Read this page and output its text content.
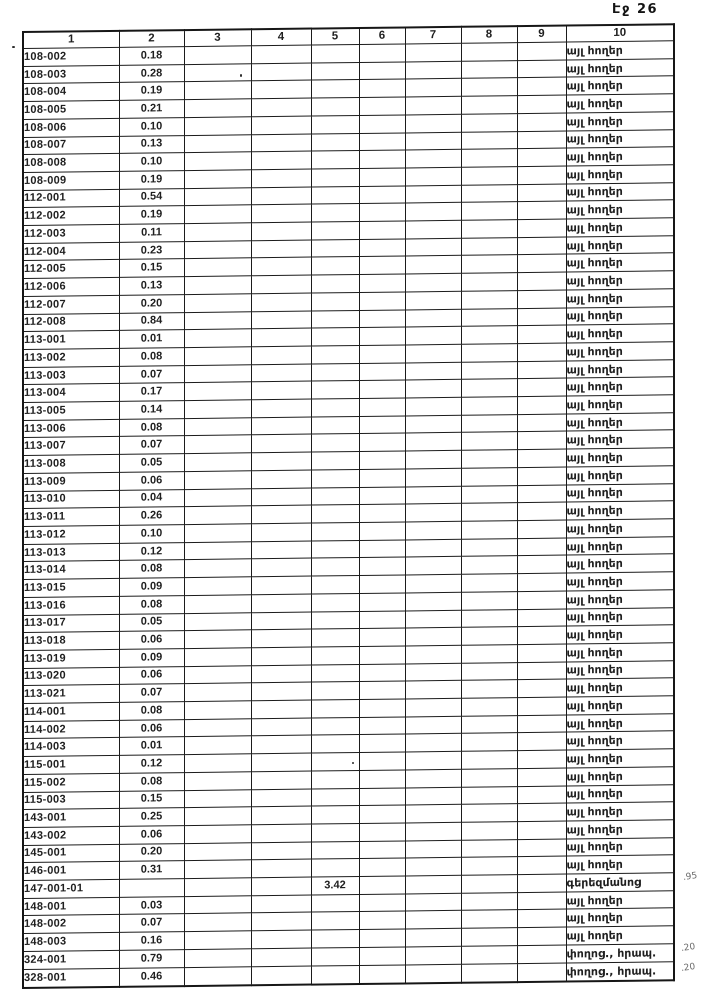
Էջ 26
1	2	3	4	5	6	7	8	9	10
108-002	0.18								այլ հողեր
108-003	0.28								այլ հողեր
108-004	0.19								այլ հողեր
108-005	0.21								այլ հողեր
108-006	0.10								այլ հողեր
108-007	0.13								այլ հողեր
108-008	0.10								այլ հողեր
108-009	0.19								այլ հողեր
112-001	0.54								այլ հողեր
112-002	0.19								այլ հողեր
112-003	0.11								այլ հողեր
112-004	0.23								այլ հողեր
112-005	0.15								այլ հողեր
112-006	0.13								այլ հողեր
112-007	0.20								այլ հողեր
112-008	0.84								այլ հողեր
113-001	0.01								այլ հողեր
113-002	0.08								այլ հողեր
113-003	0.07								այլ հողեր
113-004	0.17								այլ հողեր
113-005	0.14								այլ հողեր
113-006	0.08								այլ հողեր
113-007	0.07								այլ հողեր
113-008	0.05								այլ հողեր
113-009	0.06								այլ հողեր
113-010	0.04								այլ հողեր
113-011	0.26								այլ հողեր
113-012	0.10								այլ հողեր
113-013	0.12								այլ հողեր
113-014	0.08								այլ հողեր
113-015	0.09								այլ հողեր
113-016	0.08								այլ հողեր
113-017	0.05								այլ հողեր
113-018	0.06								այլ հողեր
113-019	0.09								այլ հողեր
113-020	0.06								այլ հողեր
113-021	0.07								այլ հողեր
114-001	0.08								այլ հողեր
114-002	0.06								այլ հողեր
114-003	0.01								այլ հողեր
115-001	0.12								այլ հողեր
115-002	0.08								այլ հողեր
115-003	0.15								այլ հողեր
143-001	0.25								այլ հողեր
143-002	0.06								այլ հողեր
145-001	0.20								այլ հողեր
146-001	0.31								այլ հողեր
147-001-01				3.42					գերեզմանոց
148-001	0.03								այլ հողեր
148-002	0.07								այլ հողեր
148-003	0.16								այլ հողեր
324-001	0.79								փողոց., հրապ.
328-001	0.46								փողոց., հրապ.
.95
.20
.20
